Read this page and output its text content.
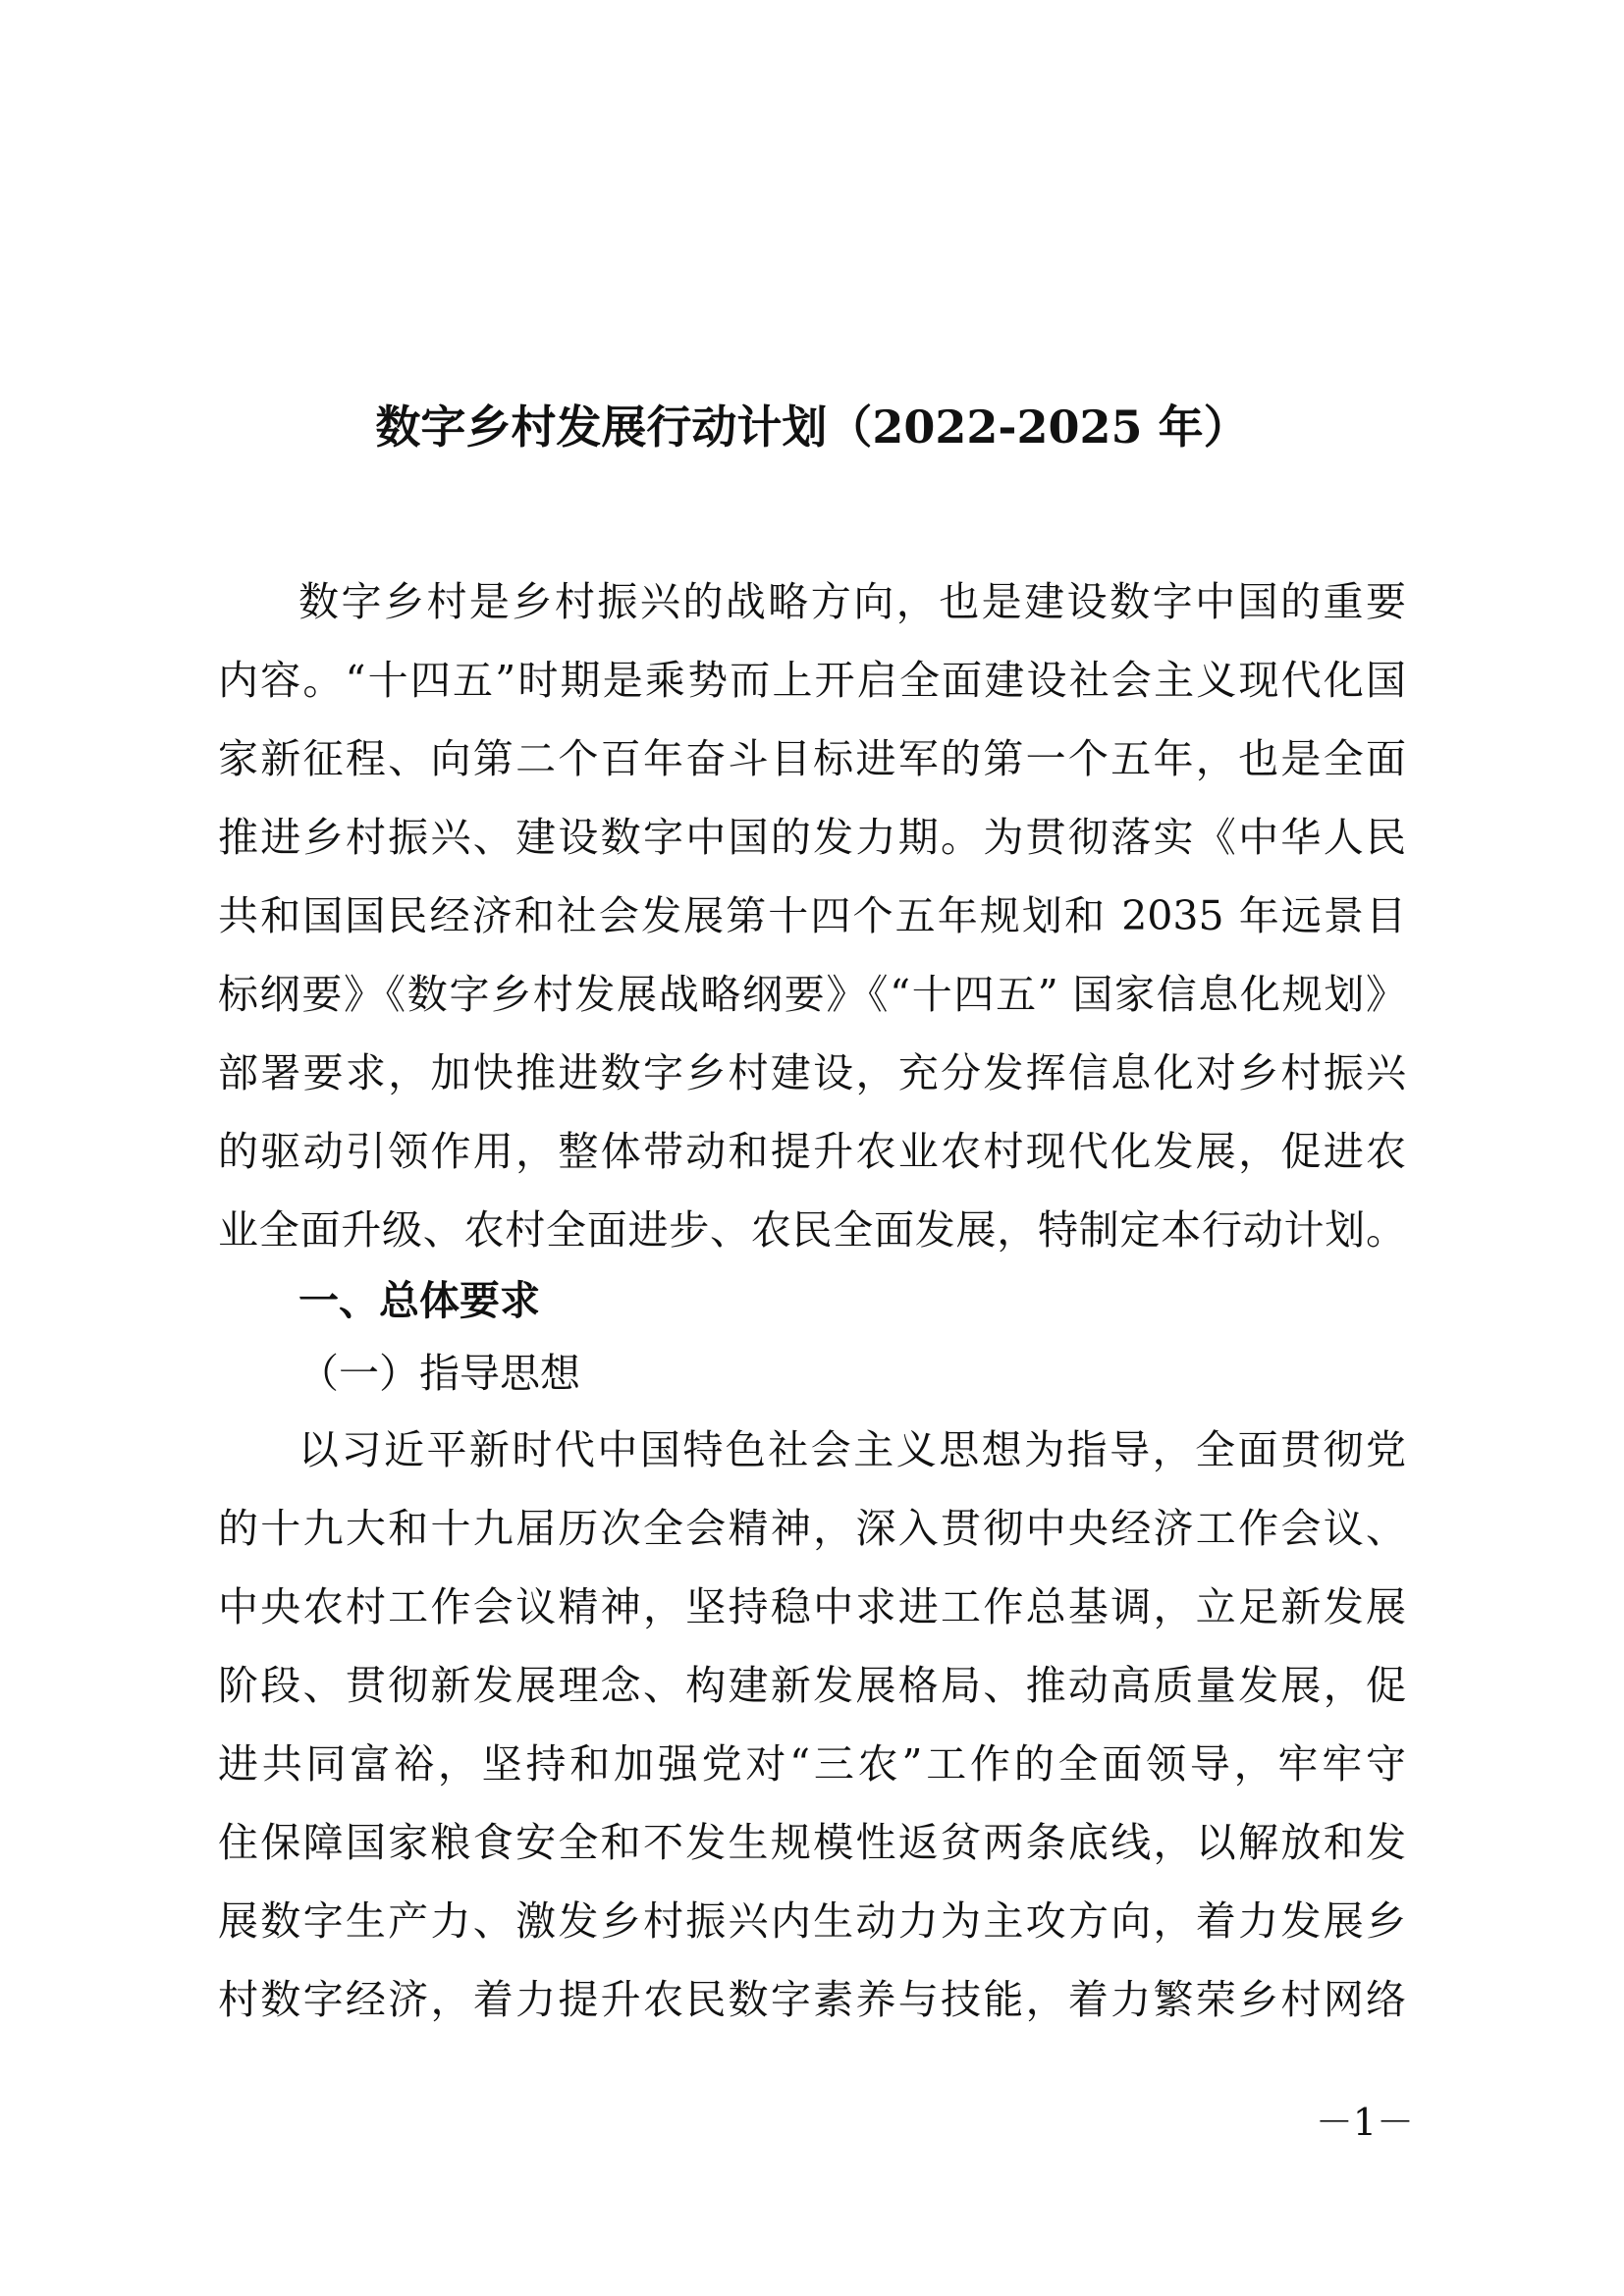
数字乡村发展行动计划（2022-2025 年）
数字乡村是乡村振兴的战略方向，也是建设数字中国的重要
内容。“十四五”时期是乘势而上开启全面建设社会主义现代化国
家新征程、向第二个百年奋斗目标进军的第一个五年，也是全面
推进乡村振兴、建设数字中国的发力期。为贯彻落实《中华人民
共和国国民经济和社会发展第十四个五年规划和 2035 年远景目
标纲要》《数字乡村发展战略纲要》《“十四五” 国家信息化规划》
部署要求，加快推进数字乡村建设，充分发挥信息化对乡村振兴
的驱动引领作用，整体带动和提升农业农村现代化发展，促进农
业全面升级、农村全面进步、农民全面发展，特制定本行动计划。
一、总体要求
（一）指导思想
以习近平新时代中国特色社会主义思想为指导，全面贯彻党
的十九大和十九届历次全会精神，深入贯彻中央经济工作会议、
中央农村工作会议精神，坚持稳中求进工作总基调，立足新发展
阶段、贯彻新发展理念、构建新发展格局、推动高质量发展，促
进共同富裕，坚持和加强党对“三农”工作的全面领导，牢牢守
住保障国家粮食安全和不发生规模性返贫两条底线，以解放和发
展数字生产力、激发乡村振兴内生动力为主攻方向，着力发展乡
村数字经济，着力提升农民数字素养与技能，着力繁荣乡村网络
－1－
